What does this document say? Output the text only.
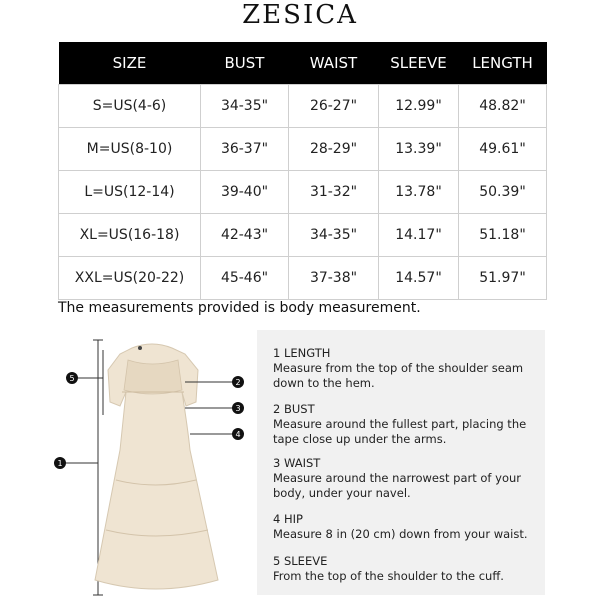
ZESICA
SIZE	BUST	WAIST	SLEEVE	LENGTH
S=US(4-6)	34-35"	26-27"	12.99"	48.82"
M=US(8-10)	36-37"	28-29"	13.39"	49.61"
L=US(12-14)	39-40"	31-32"	13.78"	50.39"
XL=US(16-18)	42-43"	34-35"	14.17"	51.18"
XXL=US(20-22)	45-46"	37-38"	14.57"	51.97"
The measurements provided is body measurement.
5	2
3
4
1
1 LENGTH
Measure from the top of the shoulder seam down to the hem.
2 BUST
Measure around the fullest part, placing the tape close up under the arms.
3 WAIST
Measure around the narrowest part of your body, under your navel.
4 HIP
Measure 8 in (20 cm) down from your waist.
5 SLEEVE
From the top of the shoulder to the cuff.
